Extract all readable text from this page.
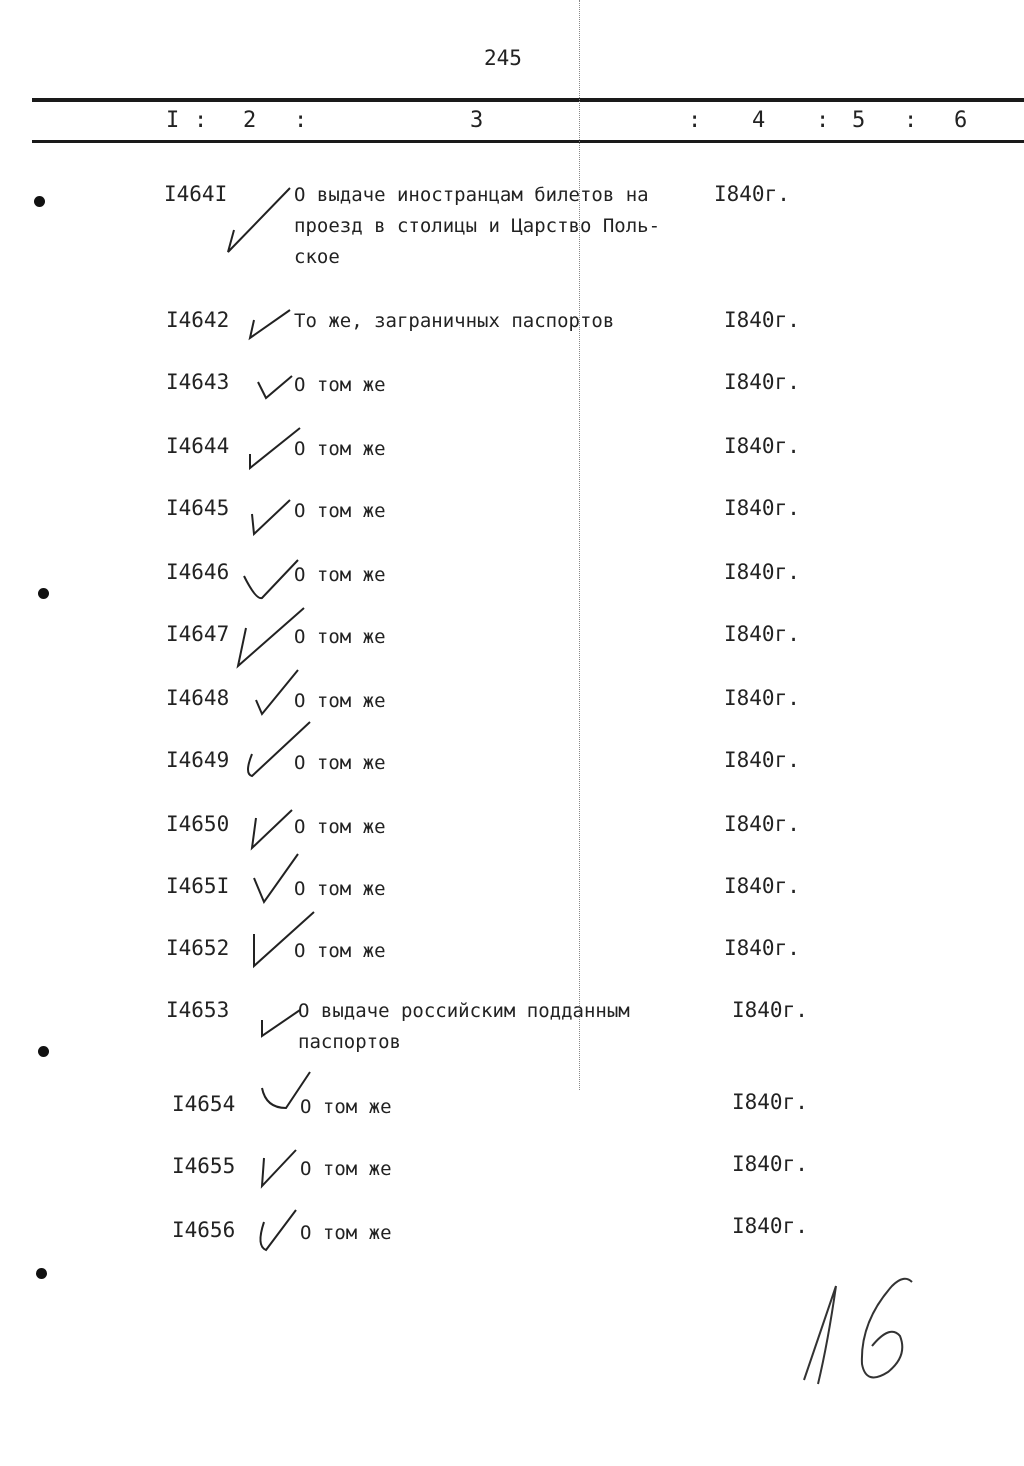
245
I : 2 :	3	: 4 : 5 : 6
I464I	О выдаче иностранцам билетов на
проезд в столицы и Царство Поль-
ское
I840г.
I4642	То же, заграничных паспортов	I840г.
I4643	О том же	I840г.
I4644	О том же	I840г.
I4645	О том же	I840г.
I4646	О том же	I840г.
I4647	О том же	I840г.
I4648	О том же	I840г.
I4649	О том же	I840г.
I4650	О том же	I840г.
I465I	О том же	I840г.
I4652	О том же	I840г.
I4653	О выдаче российским подданным
паспортов
I840г.
I4654	О том же	I840г.
I4655	О том же	I840г.
I4656	О том же	I840г.
